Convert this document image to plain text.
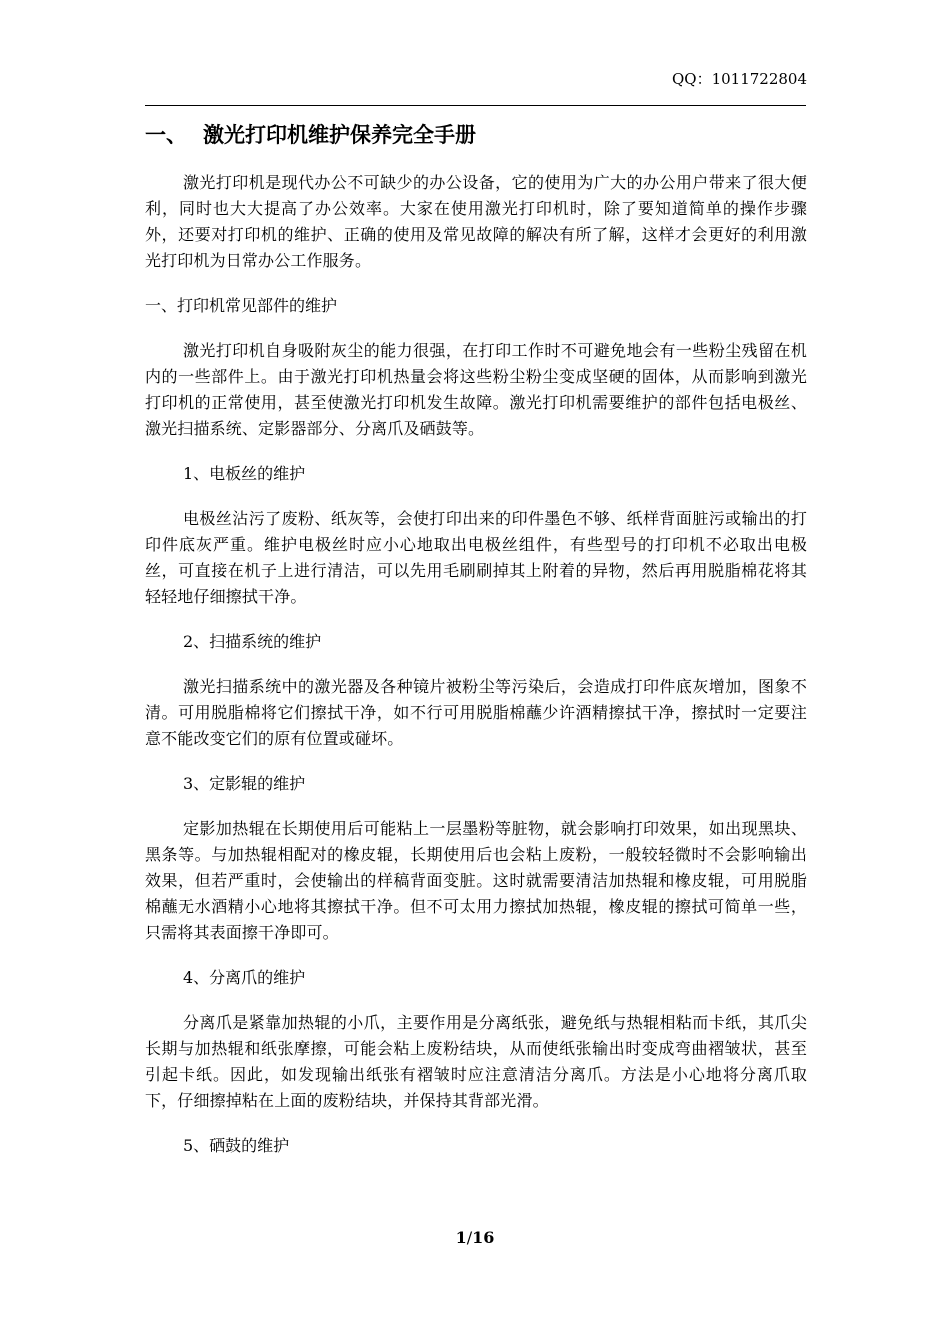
QQ：1011722804
一、 激光打印机维护保养完全手册

激光打印机是现代办公不可缺少的办公设备，它的使用为广大的办公用户带来了很大便利，同时也大大提高了办公效率。大家在使用激光打印机时，除了要知道简单的操作步骤外，还要对打印机的维护、正确的使用及常见故障的解决有所了解，这样才会更好的利用激光打印机为日常办公工作服务。

一、打印机常见部件的维护

激光打印机自身吸附灰尘的能力很强，在打印工作时不可避免地会有一些粉尘残留在机内的一些部件上。由于激光打印机热量会将这些粉尘粉尘变成坚硬的固体，从而影响到激光打印机的正常使用，甚至使激光打印机发生故障。激光打印机需要维护的部件包括电极丝、激光扫描系统、定影器部分、分离爪及硒鼓等。

1、电板丝的维护

电极丝沾污了废粉、纸灰等，会使打印出来的印件墨色不够、纸样背面脏污或输出的打印件底灰严重。维护电极丝时应小心地取出电极丝组件，有些型号的打印机不必取出电极丝，可直接在机子上进行清洁，可以先用毛刷刷掉其上附着的异物，然后再用脱脂棉花将其轻轻地仔细擦拭干净。

2、扫描系统的维护

激光扫描系统中的激光器及各种镜片被粉尘等污染后，会造成打印件底灰增加，图象不清。可用脱脂棉将它们擦拭干净，如不行可用脱脂棉蘸少许酒精擦拭干净，擦拭时一定要注意不能改变它们的原有位置或碰坏。

3、定影辊的维护

定影加热辊在长期使用后可能粘上一层墨粉等脏物，就会影响打印效果，如出现黑块、黑条等。与加热辊相配对的橡皮辊，长期使用后也会粘上废粉，一般较轻微时不会影响输出效果，但若严重时，会使输出的样稿背面变脏。这时就需要清洁加热辊和橡皮辊，可用脱脂棉蘸无水酒精小心地将其擦拭干净。但不可太用力擦拭加热辊，橡皮辊的擦拭可简单一些，只需将其表面擦干净即可。

4、分离爪的维护

分离爪是紧靠加热辊的小爪，主要作用是分离纸张，避免纸与热辊相粘而卡纸，其爪尖长期与加热辊和纸张摩擦，可能会粘上废粉结块，从而使纸张输出时变成弯曲褶皱状，甚至引起卡纸。因此，如发现输出纸张有褶皱时应注意清洁分离爪。方法是小心地将分离爪取下，仔细擦掉粘在上面的废粉结块，并保持其背部光滑。

5、硒鼓的维护

1/16
